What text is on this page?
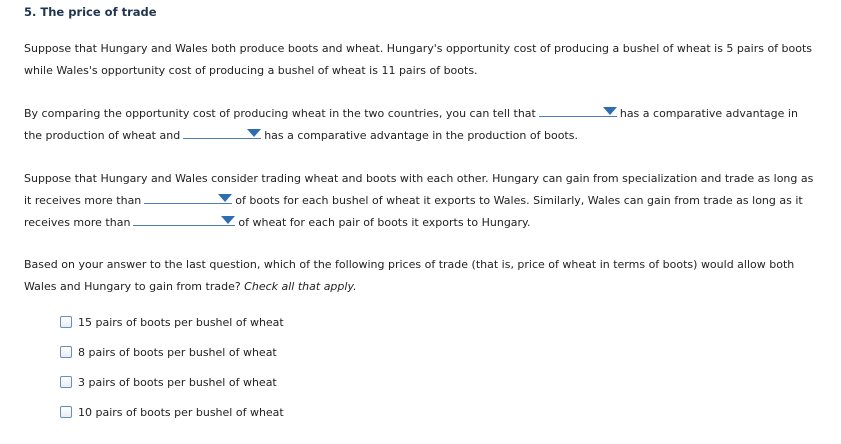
5. The price of trade
Suppose that Hungary and Wales both produce boots and wheat. Hungary's opportunity cost of producing a bushel of wheat is 5 pairs of boots
while Wales's opportunity cost of producing a bushel of wheat is 11 pairs of boots.
By comparing the opportunity cost of producing wheat in the two countries, you can tell that	has a comparative advantage in
the production of wheat and	has a comparative advantage in the production of boots.
Suppose that Hungary and Wales consider trading wheat and boots with each other. Hungary can gain from specialization and trade as long as
it receives more than	of boots for each bushel of wheat it exports to Wales. Similarly, Wales can gain from trade as long as it
receives more than	of wheat for each pair of boots it exports to Hungary.
Based on your answer to the last question, which of the following prices of trade (that is, price of wheat in terms of boots) would allow both
Wales and Hungary to gain from trade? Check all that apply.
15 pairs of boots per bushel of wheat
8 pairs of boots per bushel of wheat
3 pairs of boots per bushel of wheat
10 pairs of boots per bushel of wheat
